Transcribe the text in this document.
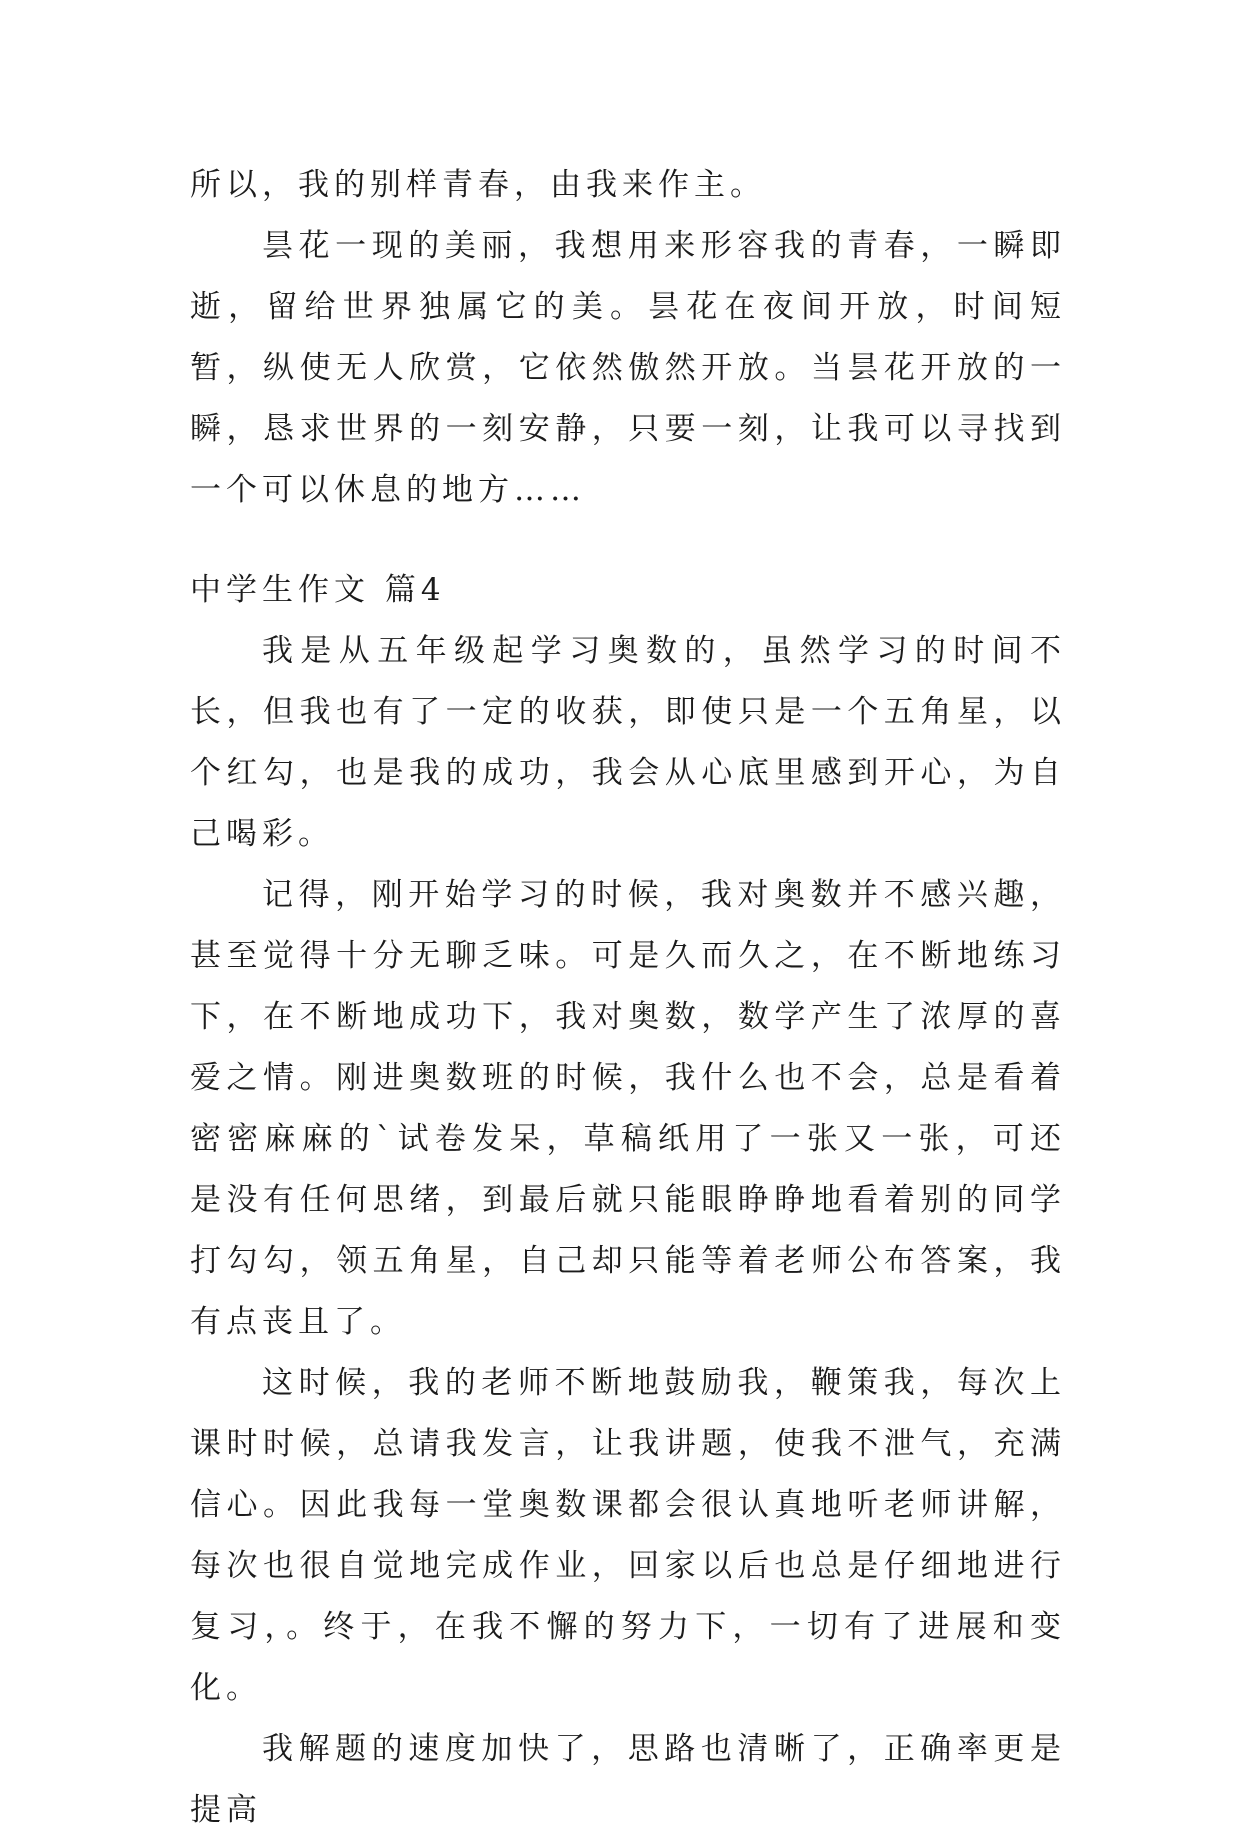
所以，我的别样青春，由我来作主。

昙花一现的美丽，我想用来形容我的青春，一瞬即逝，留给世界独属它的美。昙花在夜间开放，时间短暂，纵使无人欣赏，它依然傲然开放。当昙花开放的一瞬，恳求世界的一刻安静，只要一刻，让我可以寻找到一个可以休息的地方……

中学生作文 篇4

我是从五年级起学习奥数的，虽然学习的时间不长，但我也有了一定的收获，即使只是一个五角星，以个红勾，也是我的成功，我会从心底里感到开心，为自己喝彩。

记得，刚开始学习的时候，我对奥数并不感兴趣，甚至觉得十分无聊乏味。可是久而久之，在不断地练习下，在不断地成功下，我对奥数，数学产生了浓厚的喜爱之情。刚进奥数班的时候，我什么也不会，总是看着密密麻麻的`试卷发呆，草稿纸用了一张又一张，可还是没有任何思绪，到最后就只能眼睁睁地看着别的同学打勾勾，领五角星，自己却只能等着老师公布答案，我有点丧且了。

这时候，我的老师不断地鼓励我，鞭策我，每次上课时时候，总请我发言，让我讲题，使我不泄气，充满信心。因此我每一堂奥数课都会很认真地听老师讲解，每次也很自觉地完成作业，回家以后也总是仔细地进行复习，。终于，在我不懈的努力下，一切有了进展和变化。

我解题的速度加快了，思路也清晰了，正确率更是提高
